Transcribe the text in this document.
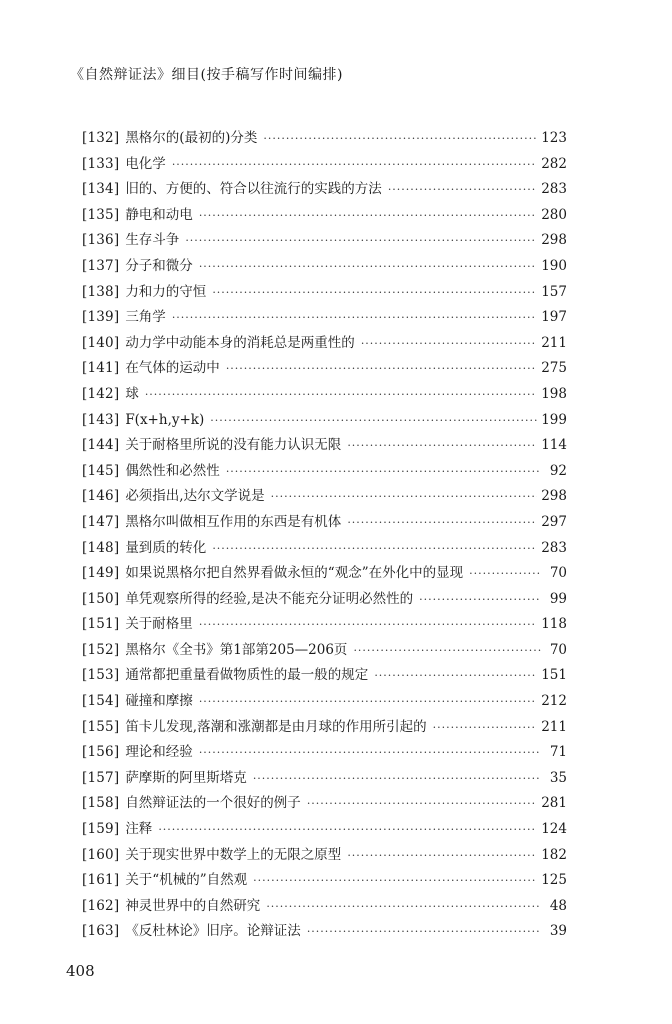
《自然辩证法》细目(按手稿写作时间编排)
[132] 黑格尔的(最初的)分类 ·····	123
[133] 电化学 ·····	282
[134] 旧的、方便的、符合以往流行的实践的方法 ·····	283
[135] 静电和动电 ·····	280
[136] 生存斗争 ·····	298
[137] 分子和微分 ·····	190
[138] 力和力的守恒 ·····	157
[139] 三角学 ·····	197
[140] 动力学中动能本身的消耗总是两重性的 ·····	211
[141] 在气体的运动中 ·····	275
[142] 球 ·····	198
[143] F(x+h,y+k) ·····	199
[144] 关于耐格里所说的没有能力认识无限 ·····	114
[145] 偶然性和必然性 ·····	92
[146] 必须指出,达尔文学说是 ·····	298
[147] 黑格尔叫做相互作用的东西是有机体 ·····	297
[148] 量到质的转化 ·····	283
[149] 如果说黑格尔把自然界看做永恒的“观念”在外化中的显现 ·····	70
[150] 单凭观察所得的经验,是决不能充分证明必然性的 ·····	99
[151] 关于耐格里 ·····	118
[152] 黑格尔《全书》第1部第205—206页 ·····	70
[153] 通常都把重量看做物质性的最一般的规定 ·····	151
[154] 碰撞和摩擦 ·····	212
[155] 笛卡儿发现,落潮和涨潮都是由月球的作用所引起的 ·····	211
[156] 理论和经验 ·····	71
[157] 萨摩斯的阿里斯塔克 ·····	35
[158] 自然辩证法的一个很好的例子 ·····	281
[159] 注释 ·····	124
[160] 关于现实世界中数学上的无限之原型 ·····	182
[161] 关于“机械的”自然观 ·····	125
[162] 神灵世界中的自然研究 ·····	48
[163] 《反杜林论》旧序。论辩证法 ·····	39
408
